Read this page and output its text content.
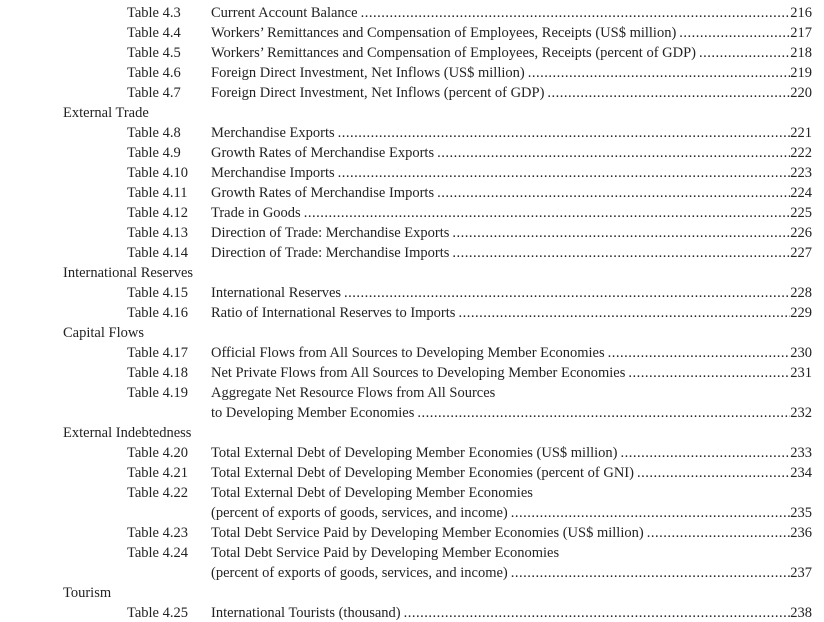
Table 4.3	Current Account Balance .....	216
Table 4.4	Workers’ Remittances and Compensation of Employees, Receipts (US$ million) .....	217
Table 4.5	Workers’ Remittances and Compensation of Employees, Receipts (percent of GDP) .....	218
Table 4.6	Foreign Direct Investment, Net Inflows (US$ million) .....	219
Table 4.7	Foreign Direct Investment, Net Inflows (percent of GDP) .....	220
External Trade
Table 4.8	Merchandise Exports .....	221
Table 4.9	Growth Rates of Merchandise Exports .....	222
Table 4.10	Merchandise Imports .....	223
Table 4.11	Growth Rates of Merchandise Imports .....	224
Table 4.12	Trade in Goods .....	225
Table 4.13	Direction of Trade: Merchandise Exports .....	226
Table 4.14	Direction of Trade: Merchandise Imports .....	227
International Reserves
Table 4.15	International Reserves .....	228
Table 4.16	Ratio of International Reserves to Imports .....	229
Capital Flows
Table 4.17	Official Flows from All Sources to Developing Member Economies .....	230
Table 4.18	Net Private Flows from All Sources to Developing Member Economies .....	231
Table 4.19	Aggregate Net Resource Flows from All Sources
to Developing Member Economies .....	232
External Indebtedness
Table 4.20	Total External Debt of Developing Member Economies (US$ million) .....	233
Table 4.21	Total External Debt of Developing Member Economies (percent of GNI) .....	234
Table 4.22	Total External Debt of Developing Member Economies
(percent of exports of goods, services, and income) .....	235
Table 4.23	Total Debt Service Paid by Developing Member Economies (US$ million) .....	236
Table 4.24	Total Debt Service Paid by Developing Member Economies
(percent of exports of goods, services, and income) .....	237
Tourism
Table 4.25	International Tourists (thousand) .....	238
